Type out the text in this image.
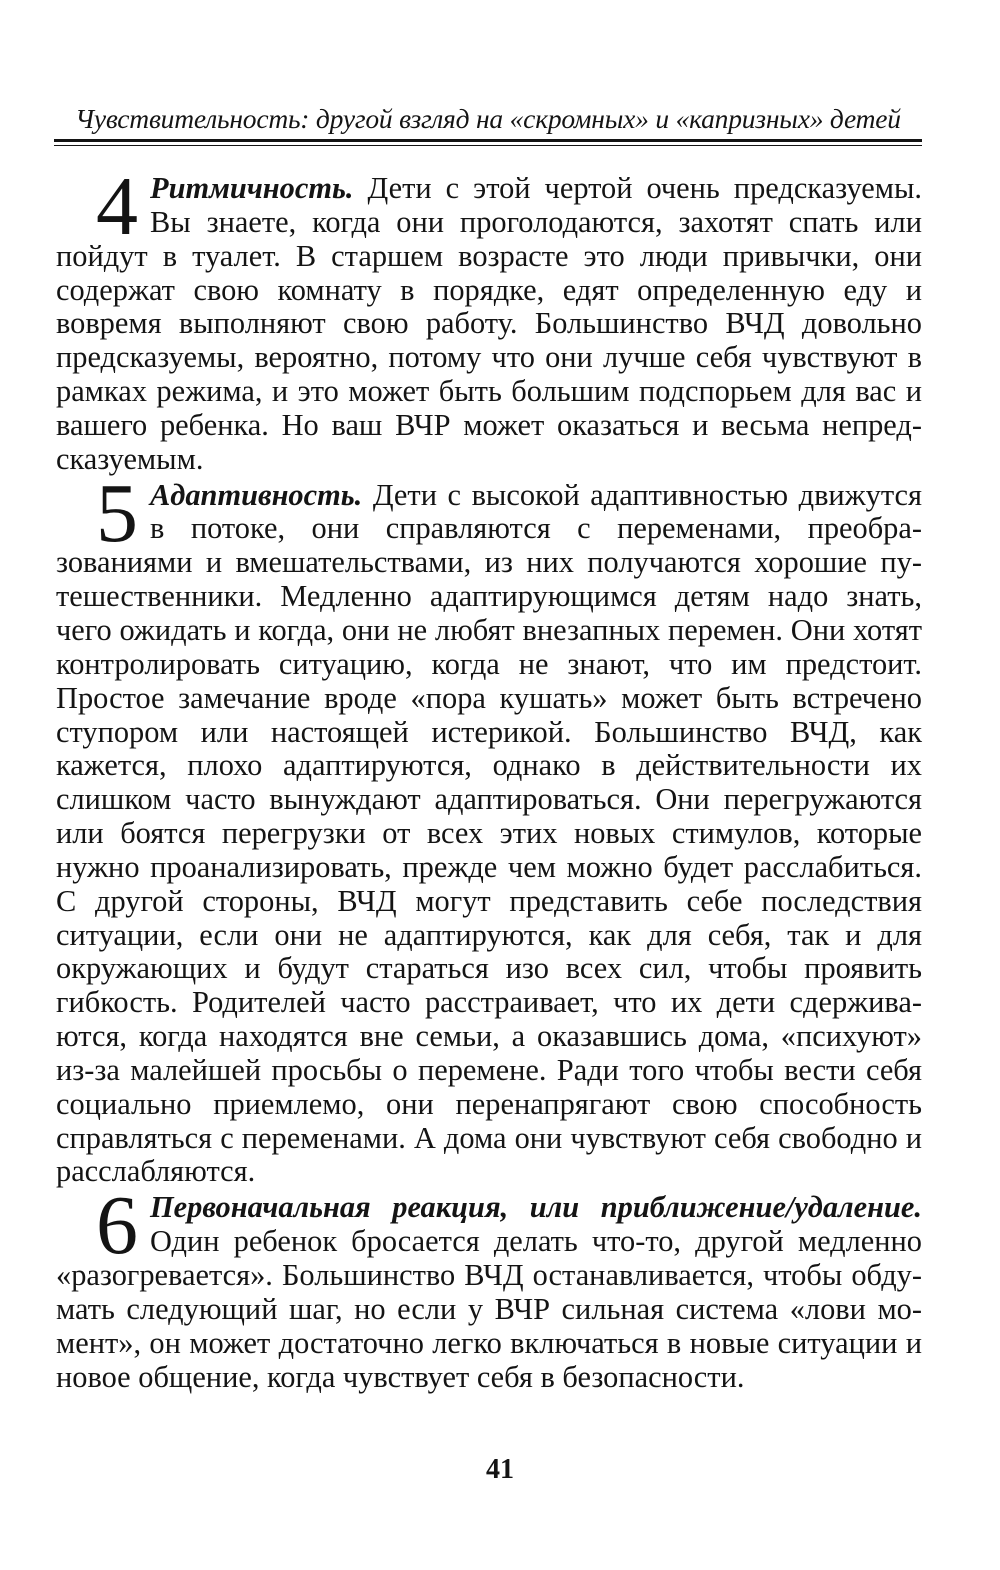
Чувствительность: другой взгляд на «скромных» и «капризных» детей

4 Ритмичность. Дети с этой чертой очень предсказуемы. Вы знаете, когда они проголодаются, захотят спать или пойдут в туалет. В старшем возрасте это люди привычки, они содержат свою комнату в порядке, едят определенную еду и вовремя выполняют свою работу. Большинство ВЧД довольно предсказуемы, вероятно, потому что они лучше себя чувствуют в рамках режима, и это может быть большим подспорьем для вас и вашего ребенка. Но ваш ВЧР может оказаться и весьма непредсказуемым.

5 Адаптивность. Дети с высокой адаптивностью движутся в потоке, они справляются с переменами, преобразованиями и вмешательствами, из них получаются хорошие путешественники. Медленно адаптирующимся детям надо знать, чего ожидать и когда, они не любят внезапных перемен. Они хотят контролировать ситуацию, когда не знают, что им предстоит. Простое замечание вроде «пора кушать» может быть встречено ступором или настоящей истерикой. Большинство ВЧД, как кажется, плохо адаптируются, однако в действительности их слишком часто вынуждают адаптироваться. Они перегружаются или боятся перегрузки от всех этих новых стимулов, которые нужно проанализировать, прежде чем можно будет расслабиться. С другой стороны, ВЧД могут представить себе последствия ситуации, если они не адаптируются, как для себя, так и для окружающих и будут стараться изо всех сил, чтобы проявить гибкость. Родителей часто расстраивает, что их дети сдерживаются, когда находятся вне семьи, а оказавшись дома, «психуют» из-за малейшей просьбы о перемене. Ради того чтобы вести себя социально приемлемо, они перенапрягают свою способность справляться с переменами. А дома они чувствуют себя свободно и расслабляются.

6 Первоначальная реакция, или приближение/удаление. Один ребенок бросается делать что-то, другой медленно «разогревается». Большинство ВЧД останавливается, чтобы обдумать следующий шаг, но если у ВЧР сильная система «лови момент», он может достаточно легко включаться в новые ситуации и новое общение, когда чувствует себя в безопасности.

41
